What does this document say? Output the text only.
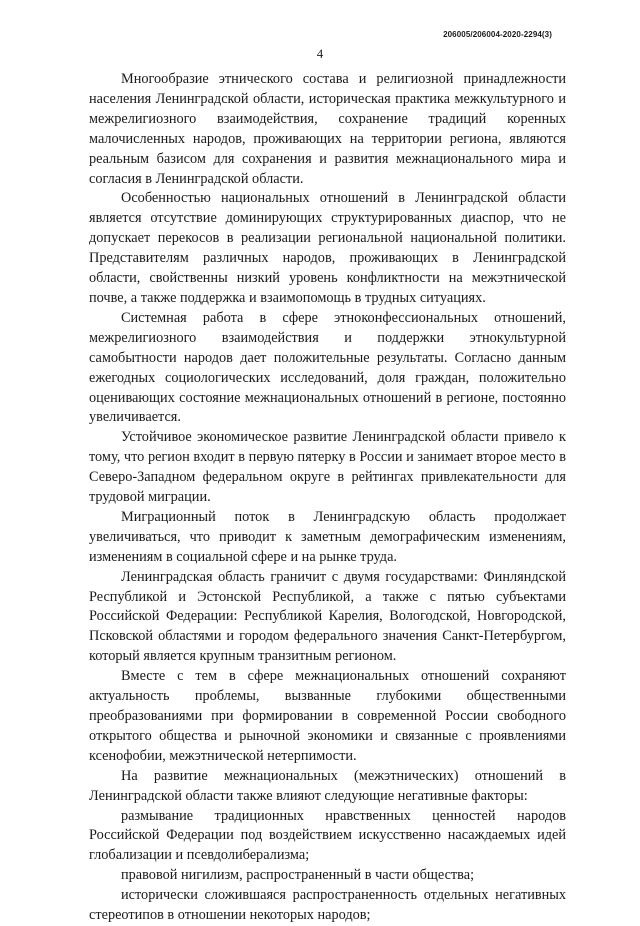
206005/206004-2020-2294(3)
4

Многообразие этнического состава и религиозной принадлежности населения Ленинградской области, историческая практика межкультурного и межрелигиозного взаимодействия, сохранение традиций коренных малочисленных народов, проживающих на территории региона, являются реальным базисом для сохранения и развития межнационального мира и согласия в Ленинградской области.

Особенностью национальных отношений в Ленинградской области является отсутствие доминирующих структурированных диаспор, что не допускает перекосов в реализации региональной национальной политики. Представителям различных народов, проживающих в Ленинградской области, свойственны низкий уровень конфликтности на межэтнической почве, а также поддержка и взаимопомощь в трудных ситуациях.

Системная работа в сфере этноконфессиональных отношений, межрелигиозного взаимодействия и поддержки этнокультурной самобытности народов дает положительные результаты. Согласно данным ежегодных социологических исследований, доля граждан, положительно оценивающих состояние межнациональных отношений в регионе, постоянно увеличивается.

Устойчивое экономическое развитие Ленинградской области привело к тому, что регион входит в первую пятерку в России и занимает второе место в Северо-Западном федеральном округе в рейтингах привлекательности для трудовой миграции.

Миграционный поток в Ленинградскую область продолжает увеличиваться, что приводит к заметным демографическим изменениям, изменениям в социальной сфере и на рынке труда.

Ленинградская область граничит с двумя государствами: Финляндской Республикой и Эстонской Республикой, а также с пятью субъектами Российской Федерации: Республикой Карелия, Вологодской, Новгородской, Псковской областями и городом федерального значения Санкт-Петербургом, который является крупным транзитным регионом.

Вместе с тем в сфере межнациональных отношений сохраняют актуальность проблемы, вызванные глубокими общественными преобразованиями при формировании в современной России свободного открытого общества и рыночной экономики и связанные с проявлениями ксенофобии, межэтнической нетерпимости.

На развитие межнациональных (межэтнических) отношений в Ленинградской области также влияют следующие негативные факторы:

размывание традиционных нравственных ценностей народов Российской Федерации под воздействием искусственно насаждаемых идей глобализации и псевдолиберализма;

правовой нигилизм, распространенный в части общества;

исторически сложившаяся распространенность отдельных негативных стереотипов в отношении некоторых народов;
